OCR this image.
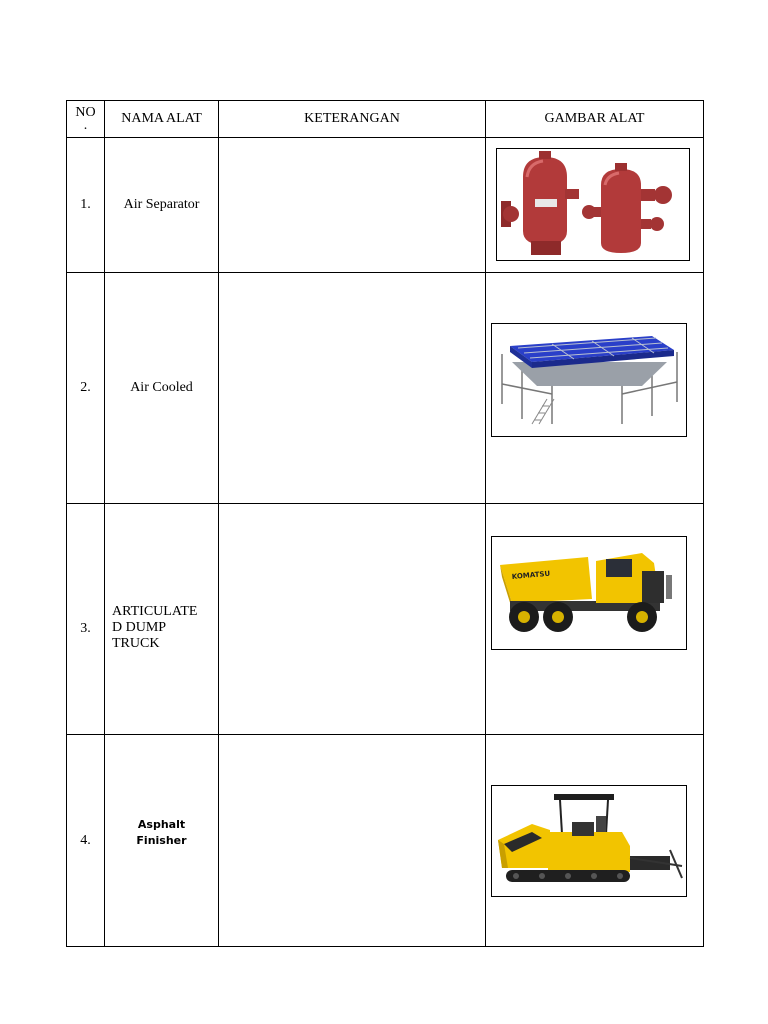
NO
.	NAMA ALAT	KETERANGAN	GAMBAR ALAT
1.	Air Separator		

2.	Air Cooled		

3.	ARTICULATE
D DUMP
TRUCK		KOMATSU

4.	Asphalt
Finisher
